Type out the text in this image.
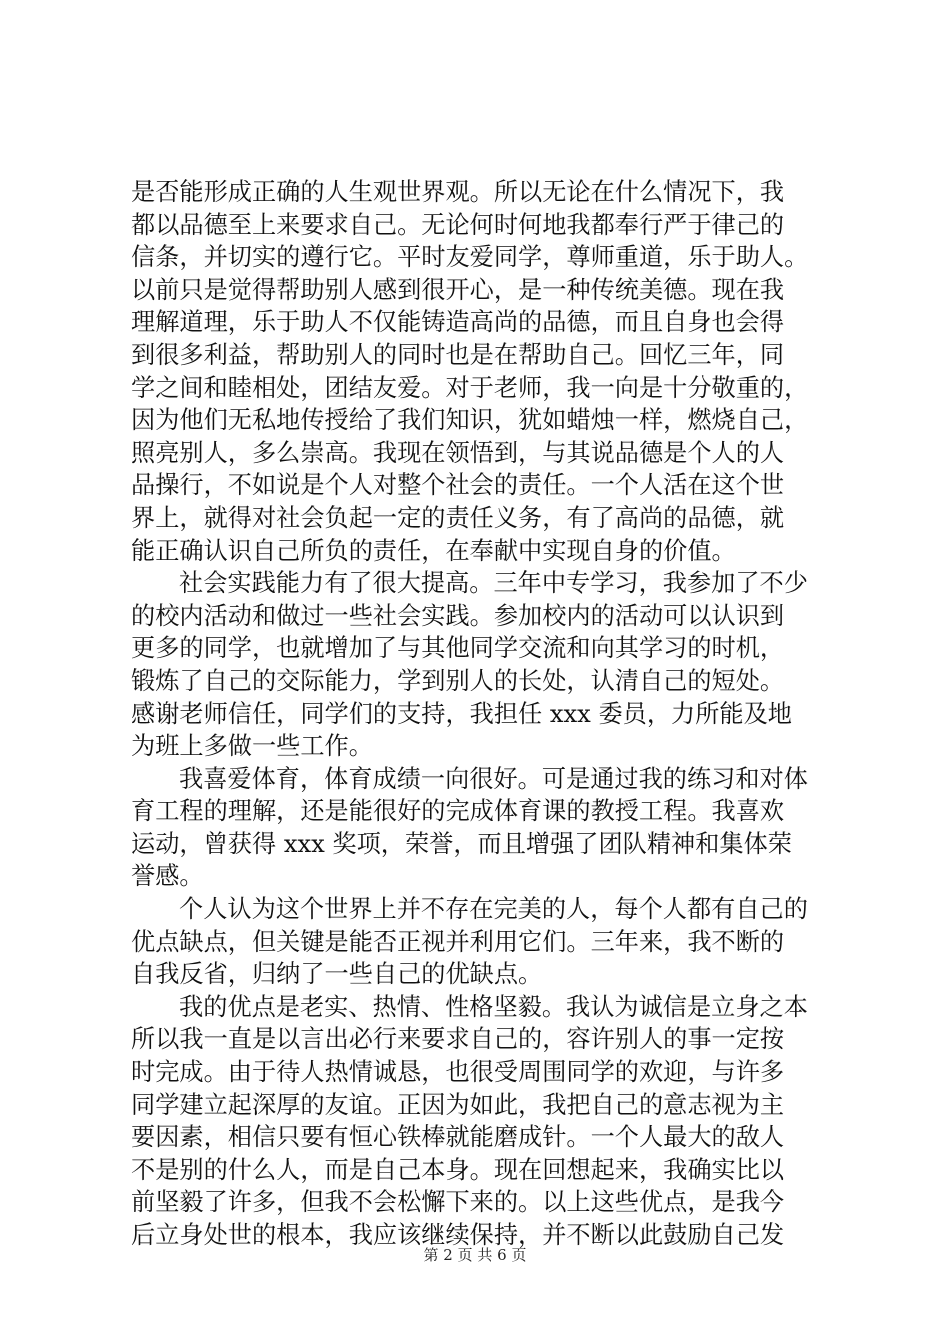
是否能形成正确的人生观世界观。所以无论在什么情况下，我
都以品德至上来要求自己。无论何时何地我都奉行严于律己的
信条，并切实的遵行它。平时友爱同学，尊师重道，乐于助人。
以前只是觉得帮助别人感到很开心，是一种传统美德。现在我
理解道理，乐于助人不仅能铸造高尚的品德，而且自身也会得
到很多利益，帮助别人的同时也是在帮助自己。回忆三年，同
学之间和睦相处，团结友爱。对于老师，我一向是十分敬重的，
因为他们无私地传授给了我们知识，犹如蜡烛一样，燃烧自己，
照亮别人，多么崇高。我现在领悟到，与其说品德是个人的人
品操行，不如说是个人对整个社会的责任。一个人活在这个世
界上，就得对社会负起一定的责任义务，有了高尚的品德，就
能正确认识自己所负的责任，在奉献中实现自身的价值。
社会实践能力有了很大提高。三年中专学习，我参加了不少
的校内活动和做过一些社会实践。参加校内的活动可以认识到
更多的同学，也就增加了与其他同学交流和向其学习的时机，
锻炼了自己的交际能力，学到别人的长处，认清自己的短处。
感谢老师信任，同学们的支持，我担任 xxx 委员，力所能及地
为班上多做一些工作。
我喜爱体育，体育成绩一向很好。可是通过我的练习和对体
育工程的理解，还是能很好的完成体育课的教授工程。我喜欢
运动，曾获得 xxx 奖项，荣誉，而且增强了团队精神和集体荣
誉感。
个人认为这个世界上并不存在完美的人，每个人都有自己的
优点缺点，但关键是能否正视并利用它们。三年来，我不断的
自我反省，归纳了一些自己的优缺点。
我的优点是老实、热情、性格坚毅。我认为诚信是立身之本
所以我一直是以言出必行来要求自己的，容许别人的事一定按
时完成。由于待人热情诚恳，也很受周围同学的欢迎，与许多
同学建立起深厚的友谊。正因为如此，我把自己的意志视为主
要因素，相信只要有恒心铁棒就能磨成针。一个人最大的敌人
不是别的什么人，而是自己本身。现在回想起来，我确实比以
前坚毅了许多，但我不会松懈下来的。以上这些优点，是我今
后立身处世的根本，我应该继续保持，并不断以此鼓励自己发
第 2 页 共 6 页
